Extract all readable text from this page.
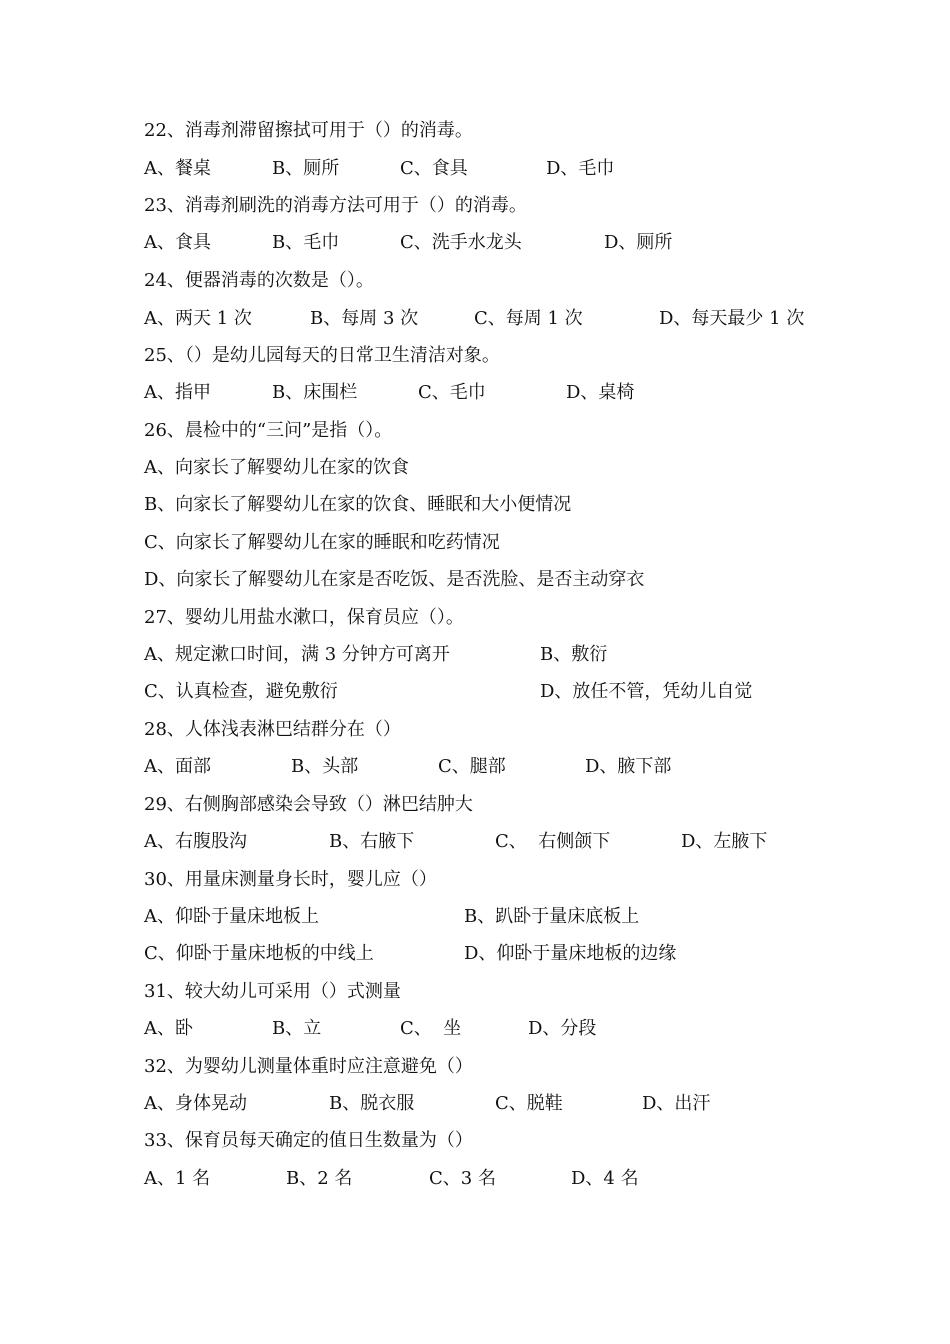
22、消毒剂滞留擦拭可用于（）的消毒。
A、餐桌	B、厕所	C、食具	D、毛巾
23、消毒剂刷洗的消毒方法可用于（）的消毒。
A、食具	B、毛巾	C、洗手水龙头	D、厕所
24、便器消毒的次数是（）。
A、两天 1 次	B、每周 3 次	C、每周 1 次	D、每天最少 1 次
25、（）是幼儿园每天的日常卫生清洁对象。
A、指甲	B、床围栏	C、毛巾	D、桌椅
26、晨检中的“三问”是指（）。
A、向家长了解婴幼儿在家的饮食
B、向家长了解婴幼儿在家的饮食、睡眠和大小便情况
C、向家长了解婴幼儿在家的睡眠和吃药情况
D、向家长了解婴幼儿在家是否吃饭、是否洗脸、是否主动穿衣
27、婴幼儿用盐水漱口，保育员应（）。
A、规定漱口时间，满 3 分钟方可离开	B、敷衍
C、认真检查，避免敷衍	D、放任不管，凭幼儿自觉
28、人体浅表淋巴结群分在（）
A、面部	B、头部	C、腿部	D、腋下部
29、右侧胸部感染会导致（）淋巴结肿大
A、右腹股沟	B、右腋下	C、  右侧颌下	D、左腋下
30、用量床测量身长时，婴儿应（）
A、仰卧于量床地板上	B、趴卧于量床底板上
C、仰卧于量床地板的中线上	D、仰卧于量床地板的边缘
31、较大幼儿可采用（）式测量
A、卧	B、立	C、  坐	D、分段
32、为婴幼儿测量体重时应注意避免（）
A、身体晃动	B、脱衣服	C、脱鞋	D、出汗
33、保育员每天确定的值日生数量为（）
A、1 名	B、2 名	C、3 名	D、4 名
